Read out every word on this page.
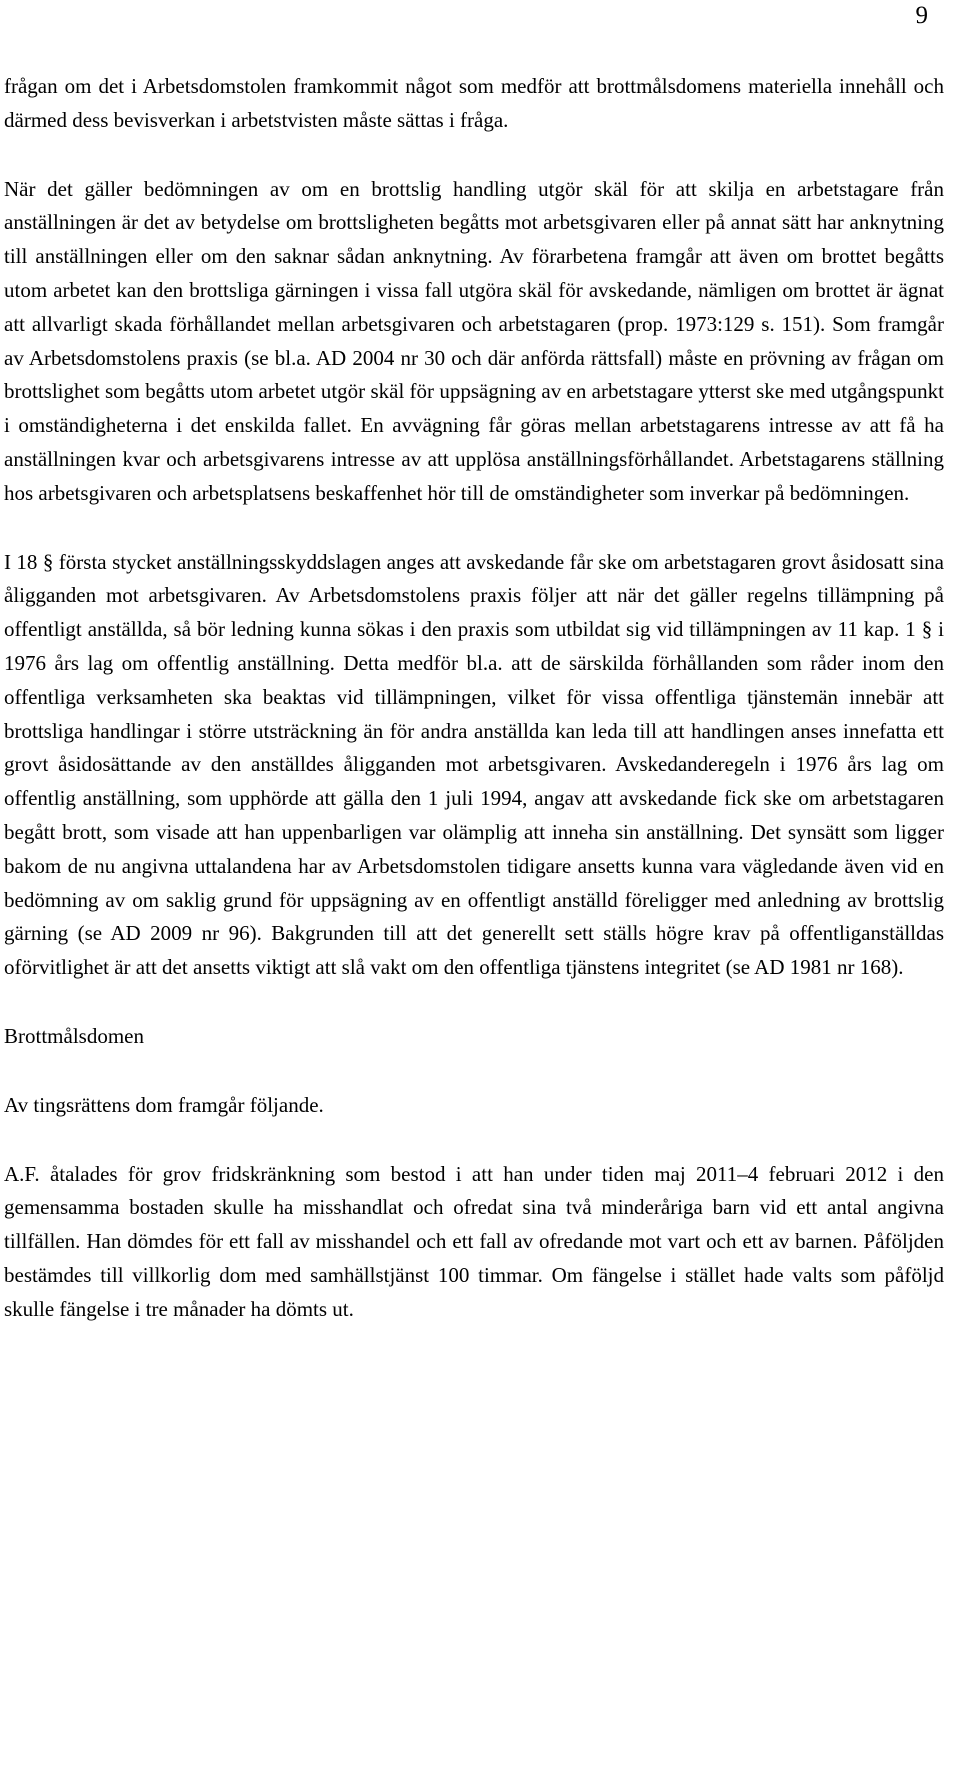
9

frågan om det i Arbetsdomstolen framkommit något som medför att brottmålsdomens materiella innehåll och därmed dess bevisverkan i arbetstvisten måste sättas i fråga.

När det gäller bedömningen av om en brottslig handling utgör skäl för att skilja en arbetstagare från anställningen är det av betydelse om brottsligheten begåtts mot arbetsgivaren eller på annat sätt har anknytning till anställningen eller om den saknar sådan anknytning. Av förarbetena framgår att även om brottet begåtts utom arbetet kan den brottsliga gärningen i vissa fall utgöra skäl för avskedande, nämligen om brottet är ägnat att allvarligt skada förhållandet mellan arbetsgivaren och arbetstagaren (prop. 1973:129 s. 151). Som framgår av Arbetsdomstolens praxis (se bl.a. AD 2004 nr 30 och där anförda rättsfall) måste en prövning av frågan om brottslighet som begåtts utom arbetet utgör skäl för uppsägning av en arbetstagare ytterst ske med utgångspunkt i omständigheterna i det enskilda fallet. En avvägning får göras mellan arbetstagarens intresse av att få ha anställningen kvar och arbetsgivarens intresse av att upplösa anställningsförhållandet. Arbetstagarens ställning hos arbetsgivaren och arbetsplatsens beskaffenhet hör till de omständigheter som inverkar på bedömningen.

I 18 § första stycket anställningsskyddslagen anges att avskedande får ske om arbetstagaren grovt åsidosatt sina åligganden mot arbetsgivaren. Av Arbetsdomstolens praxis följer att när det gäller regelns tillämpning på offentligt anställda, så bör ledning kunna sökas i den praxis som utbildat sig vid tillämpningen av 11 kap. 1 § i 1976 års lag om offentlig anställning. Detta medför bl.a. att de särskilda förhållanden som råder inom den offentliga verksamheten ska beaktas vid tillämpningen, vilket för vissa offentliga tjänstemän innebär att brottsliga handlingar i större utsträckning än för andra anställda kan leda till att handlingen anses innefatta ett grovt åsidosättande av den anställdes åligganden mot arbetsgivaren. Avskedanderegeln i 1976 års lag om offentlig anställning, som upphörde att gälla den 1 juli 1994, angav att avskedande fick ske om arbetstagaren begått brott, som visade att han uppenbarligen var olämplig att inneha sin anställning. Det synsätt som ligger bakom de nu angivna uttalandena har av Arbetsdomstolen tidigare ansetts kunna vara vägledande även vid en bedömning av om saklig grund för uppsägning av en offentligt anställd föreligger med anledning av brottslig gärning (se AD 2009 nr 96). Bakgrunden till att det generellt sett ställs högre krav på offentliganställdas oförvitlighet är att det ansetts viktigt att slå vakt om den offentliga tjänstens integritet (se AD 1981 nr 168).

Brottmålsdomen

Av tingsrättens dom framgår följande.

A.F. åtalades för grov fridskränkning som bestod i att han under tiden maj 2011–4 februari 2012 i den gemensamma bostaden skulle ha misshandlat och ofredat sina två minderåriga barn vid ett antal angivna tillfällen. Han dömdes för ett fall av misshandel och ett fall av ofredande mot vart och ett av barnen. Påföljden bestämdes till villkorlig dom med samhällstjänst 100 timmar. Om fängelse i stället hade valts som påföljd skulle fängelse i tre månader ha dömts ut.
